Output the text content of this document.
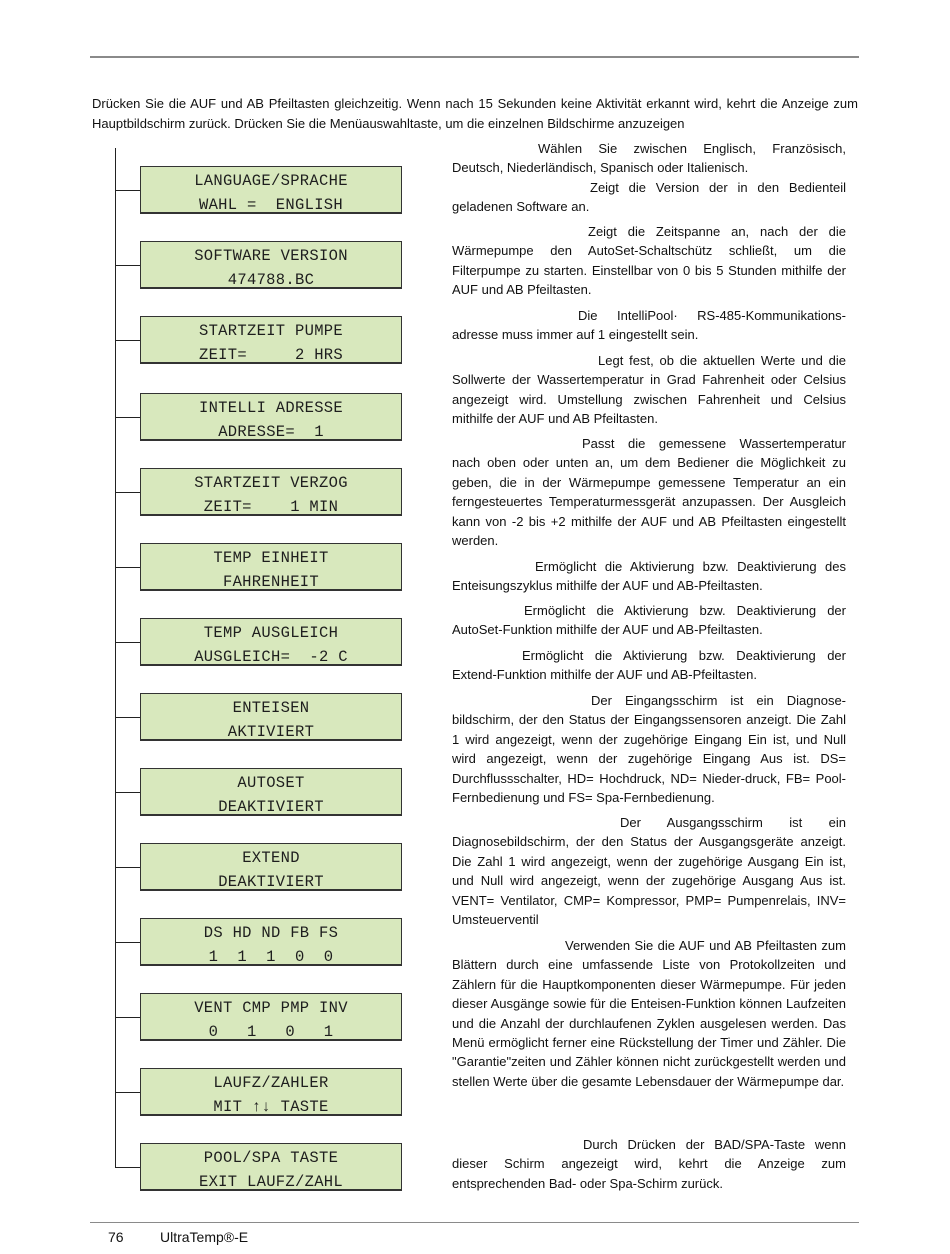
Drücken Sie die AUF und AB Pfeiltasten gleichzeitig. Wenn nach 15 Sekunden keine Aktivität erkannt wird, kehrt die Anzeige zum Hauptbildschirm zurück. Drücken Sie die Menüauswahltaste, um die einzelnen Bildschirme anzuzeigen

LANGUAGE/SPRACHE
WAHL =  ENGLISH
SOFTWARE VERSION
474788.BC
STARTZEIT PUMPE
ZEIT=     2 HRS
INTELLI ADRESSE
ADRESSE=  1
STARTZEIT VERZOG
ZEIT=    1 MIN
TEMP EINHEIT
FAHRENHEIT
TEMP AUSGLEICH
AUSGLEICH=  -2 C
ENTEISEN
AKTIVIERT
AUTOSET
DEAKTIVIERT
EXTEND
DEAKTIVIERT
DS HD ND FB FS
1  1  1  0  0
VENT CMP PMP INV
0   1   0   1
LAUFZ/ZAHLER
MIT ↑↓ TASTE
POOL/SPA TASTE
EXIT LAUFZ/ZAHL

Wählen Sie zwischen Englisch, Französisch, Deutsch, Niederländisch, Spanisch oder Italienisch.

Zeigt die Version der in den Bedienteil geladenen Software an.

Zeigt die Zeitspanne an, nach der die Wärmepumpe den AutoSet-Schaltschütz schließt, um die Filterpumpe zu starten. Einstellbar von 0 bis 5 Stunden mithilfe der AUF und AB Pfeiltasten.

Die IntelliPool· RS-485-Kommunikations-adresse muss immer auf 1 eingestellt sein.

Legt fest, ob die aktuellen Werte und die Sollwerte der Wassertemperatur in Grad Fahrenheit oder Celsius angezeigt wird. Umstellung zwischen Fahrenheit und Celsius mithilfe der AUF und AB Pfeiltasten.

Passt die gemessene Wassertemperatur nach oben oder unten an, um dem Bediener die Möglichkeit zu geben, die in der Wärmepumpe gemessene Temperatur an ein ferngesteuertes Temperaturmessgerät anzupassen. Der Ausgleich kann von -2 bis +2 mithilfe der AUF und AB Pfeiltasten eingestellt werden.

Ermöglicht die Aktivierung bzw. Deaktivierung des Enteisungszyklus mithilfe der AUF und AB-Pfeiltasten.

Ermöglicht die Aktivierung bzw. Deaktivierung der AutoSet-Funktion mithilfe der AUF und AB-Pfeiltasten.

Ermöglicht die Aktivierung bzw. Deaktivierung der Extend-Funktion mithilfe der AUF und AB-Pfeiltasten.

Der Eingangsschirm ist ein Diagnose-bildschirm, der den Status der Eingangssensoren anzeigt. Die Zahl 1 wird angezeigt, wenn der zugehörige Eingang Ein ist, und Null wird angezeigt, wenn der zugehörige Eingang Aus ist. DS= Durchflussschalter, HD= Hochdruck, ND= Nieder-druck, FB= Pool-Fernbedienung und FS= Spa-Fernbedienung.

Der Ausgangsschirm ist ein Diagnosebildschirm, der den Status der Ausgangsgeräte anzeigt. Die Zahl 1 wird angezeigt, wenn der zugehörige Ausgang Ein ist, und Null wird angezeigt, wenn der zugehörige Ausgang Aus ist. VENT= Ventilator, CMP= Kompressor, PMP= Pumpenrelais, INV= Umsteuerventil

Verwenden Sie die AUF und AB Pfeiltasten zum Blättern durch eine umfassende Liste von Protokollzeiten und Zählern für die Hauptkomponenten dieser Wärmepumpe. Für jeden dieser Ausgänge sowie für die Enteisen-Funktion können Laufzeiten und die Anzahl der durchlaufenen Zyklen ausgelesen werden. Das Menü ermöglicht ferner eine Rückstellung der Timer und Zähler. Die "Garantie"zeiten und Zähler können nicht zurückgestellt werden und stellen Werte über die gesamte Lebensdauer der Wärmepumpe dar.

Durch Drücken der BAD/SPA-Taste wenn dieser Schirm angezeigt wird, kehrt die Anzeige zum entsprechenden Bad- oder Spa-Schirm zurück.

76	UltraTemp®-E
